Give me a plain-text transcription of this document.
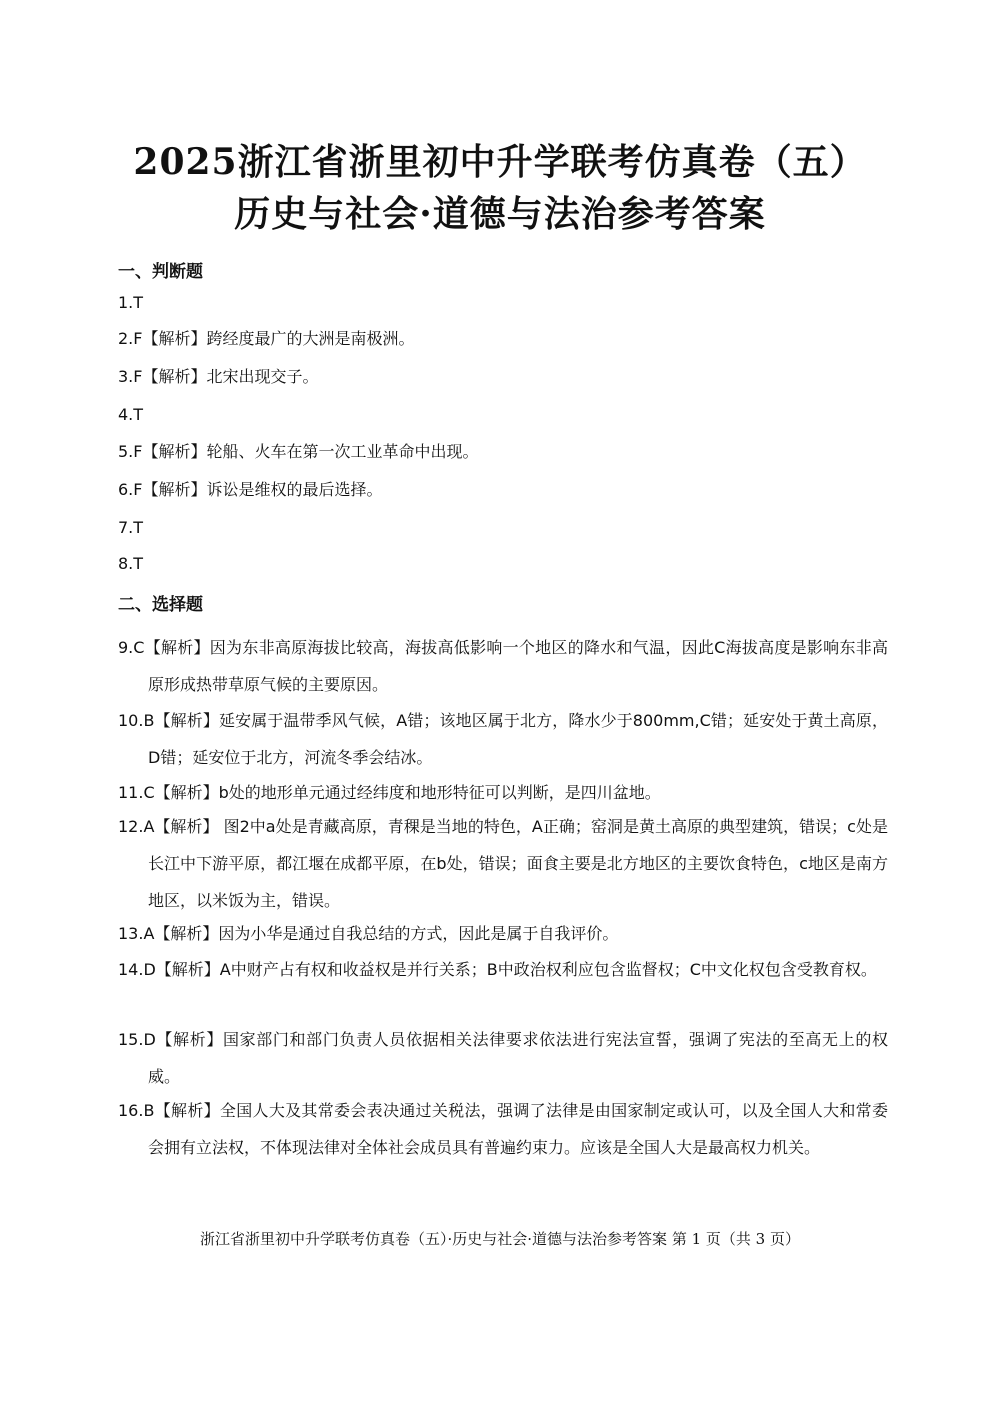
2025浙江省浙里初中升学联考仿真卷（五）
历史与社会·道德与法治参考答案
一、判断题
1.T
2.F【解析】跨经度最广的大洲是南极洲。
3.F【解析】北宋出现交子。
4.T
5.F【解析】轮船、火车在第一次工业革命中出现。
6.F【解析】诉讼是维权的最后选择。
7.T
8.T
二、选择题
9.C【解析】因为东非高原海拔比较高，海拔高低影响一个地区的降水和气温，因此C海拔高度是影响东非高原形成热带草原气候的主要原因。
10.B【解析】延安属于温带季风气候，A错；该地区属于北方，降水少于800mm,C错；延安处于黄土高原，D错；延安位于北方，河流冬季会结冰。
11.C【解析】b处的地形单元通过经纬度和地形特征可以判断，是四川盆地。
12.A【解析】 图2中a处是青藏高原，青稞是当地的特色，A正确；窑洞是黄土高原的典型建筑，错误；c处是长江中下游平原，都江堰在成都平原，在b处，错误；面食主要是北方地区的主要饮食特色，c地区是南方地区，以米饭为主，错误。
13.A【解析】因为小华是通过自我总结的方式，因此是属于自我评价。
14.D【解析】A中财产占有权和收益权是并行关系；B中政治权利应包含监督权；C中文化权包含受教育权。
15.D【解析】国家部门和部门负责人员依据相关法律要求依法进行宪法宣誓，强调了宪法的至高无上的权威。
16.B【解析】全国人大及其常委会表决通过关税法，强调了法律是由国家制定或认可，以及全国人大和常委会拥有立法权，不体现法律对全体社会成员具有普遍约束力。应该是全国人大是最高权力机关。
浙江省浙里初中升学联考仿真卷（五）·历史与社会·道德与法治参考答案 第 1 页（共 3 页）
